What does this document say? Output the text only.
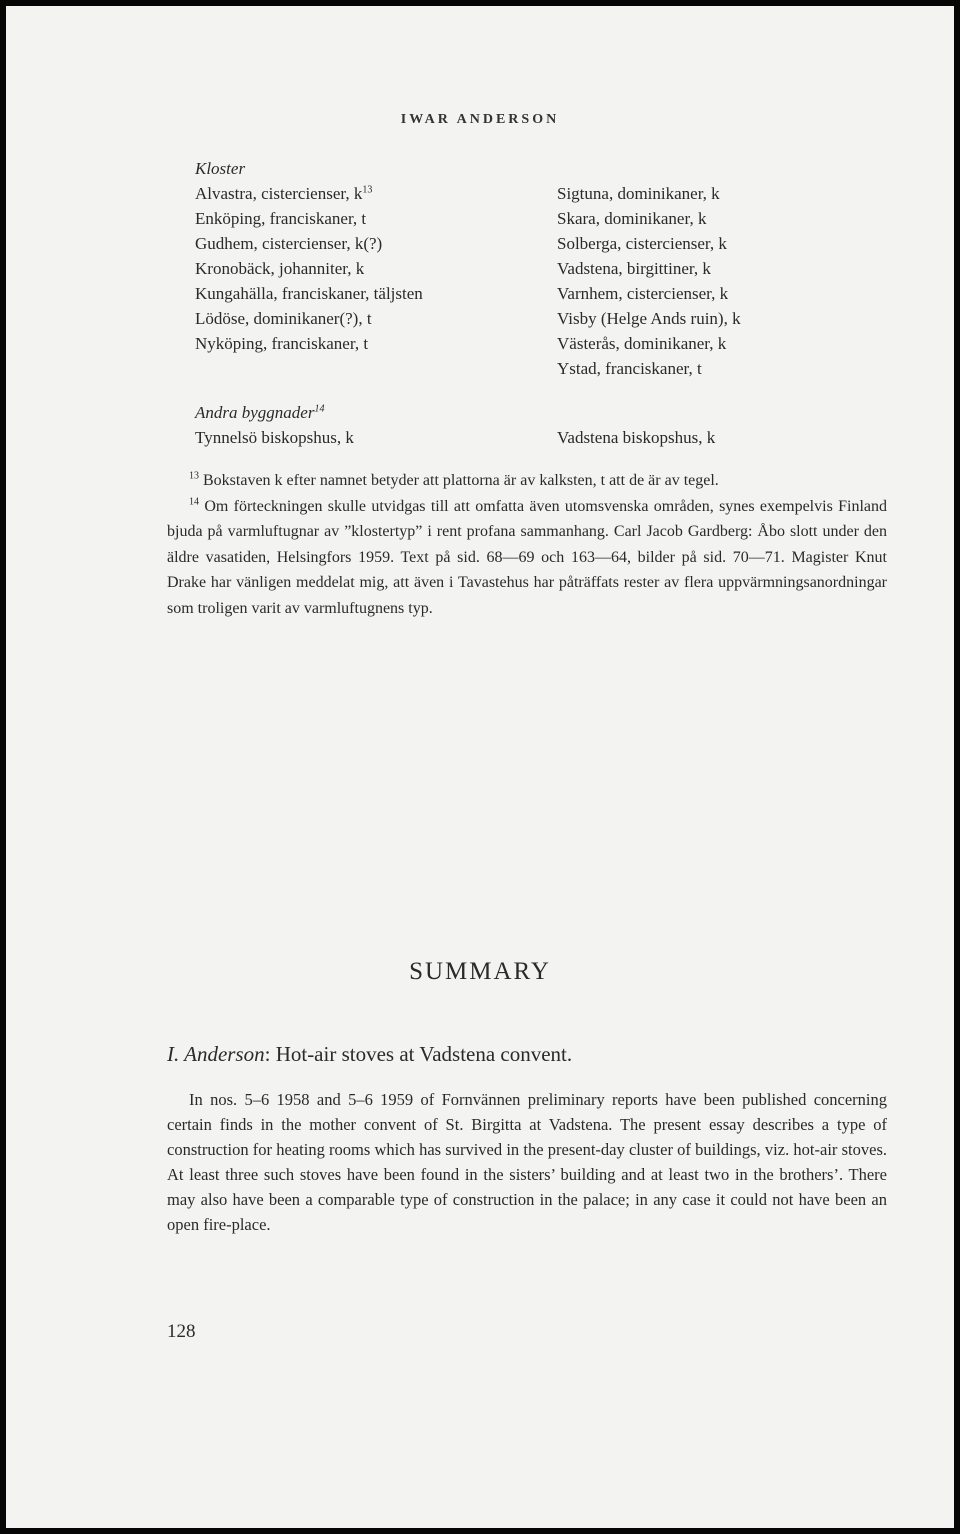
IWAR ANDERSON
Kloster
Alvastra, cistercienser, $k^{13}$
Enköping, franciskaner, t
Gudhem, cistercienser, k(?)
Kronobäck, johanniter, k
Kungahälla, franciskaner, täljsten
Lödöse, dominikaner(?), t
Nyköping, franciskaner, t
Sigtuna, dominikaner, k
Skara, dominikaner, k
Solberga, cistercienser, k
Vadstena, birgittiner, k
Varnhem, cistercienser, k
Visby (Helge Ands ruin), k
Västerås, dominikaner, k
Ystad, franciskaner, t
Andra byggnader$^{14}$
Tynnelsö biskopshus, k	Vadstena biskopshus, k

$^{13}$ Bokstaven k efter namnet betyder att plattorna är av kalksten, t att de är av tegel.

$^{14}$ Om förteckningen skulle utvidgas till att omfatta även utomsvenska områden, synes exempelvis Finland bjuda på varmluftugnar av ”klostertyp” i rent profana sammanhang. Carl Jacob Gardberg: Åbo slott under den äldre vasatiden, Helsingfors 1959. Text på sid. 68—69 och 163—64, bilder på sid. 70—71. Magister Knut Drake har vänligen meddelat mig, att även i Tavastehus har påträffats rester av flera uppvärmningsanordningar som troligen varit av varmluftugnens typ.

SUMMARY
I. Anderson: Hot-air stoves at Vadstena convent.

In nos. 5–6 1958 and 5–6 1959 of Fornvännen preliminary reports have been published concerning certain finds in the mother convent of St. Birgitta at Vadstena. The present essay describes a type of construction for heating rooms which has survived in the present-day cluster of buildings, viz. hot-air stoves. At least three such stoves have been found in the sisters’ building and at least two in the brothers’. There may also have been a comparable type of construction in the palace; in any case it could not have been an open fire-place.

128
